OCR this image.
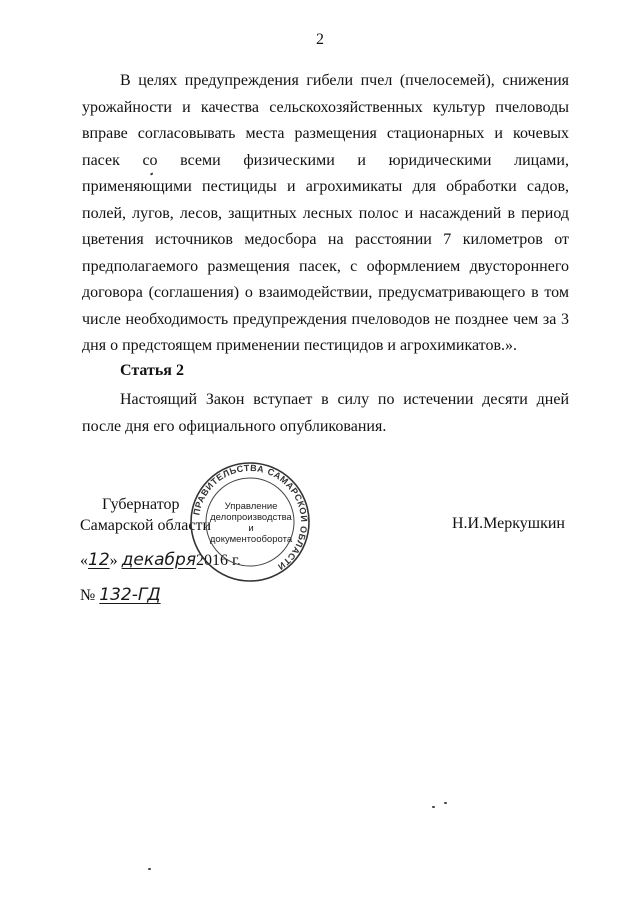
2

В целях предупреждения гибели пчел (пчелосемей), снижения урожайности и качества сельскохозяйственных культур пчеловоды вправе согласовывать места размещения стационарных и кочевых пасек со всеми физическими и юридическими лицами, применяющими пестициды и агрохимикаты для обработки садов, полей, лугов, лесов, защитных лесных полос и насаждений в период цветения источников медосбора на расстоянии 7 километров от предполагаемого размещения пасек, с оформлением двустороннего договора (соглашения) о взаимодействии, предусматривающего в том числе необходимость предупреждения пчеловодов не позднее чем за 3 дня о предстоящем применении пестицидов и агрохимикатов.».

Статья 2

Настоящий Закон вступает в силу по истечении десяти дней после дня его официального опубликования.

Губернатор
Самарской области	Н.И.Меркушкин
«12» декабря2016 г.
№ 132-ГД
ПРАВИТЕЛЬСТВА САМАРСКОЙ ОБЛАСТИ
Управление
делопроизводства
и документооборота
